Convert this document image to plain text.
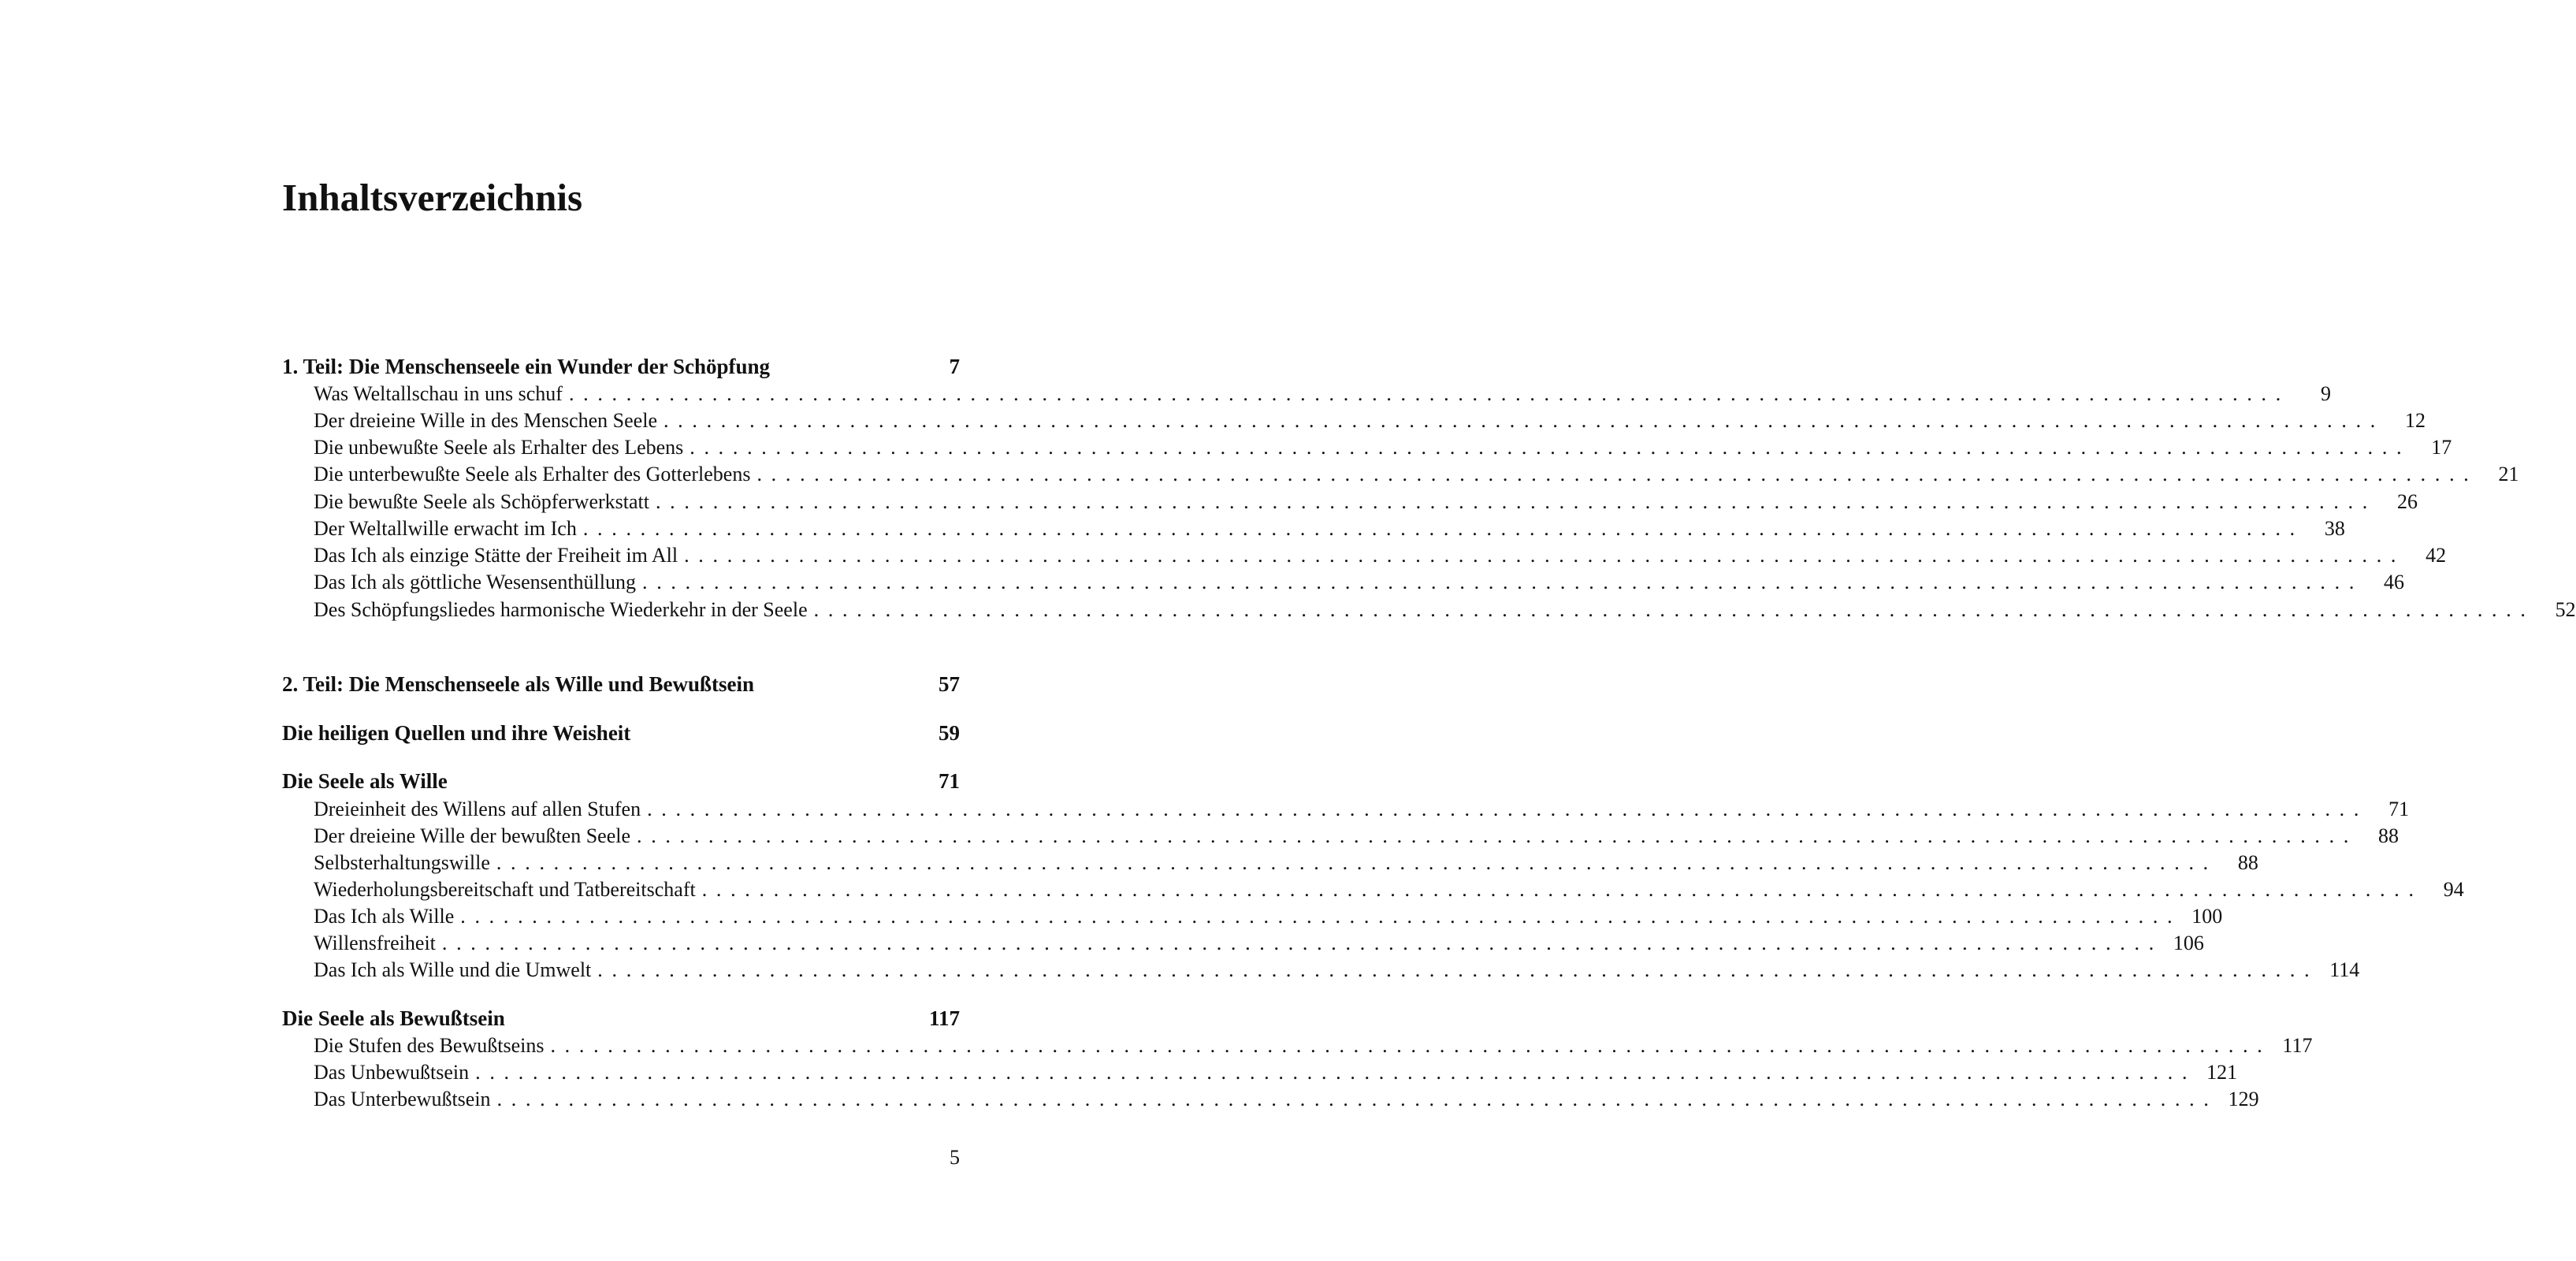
Inhaltsverzeichnis
1. Teil: Die Menschenseele ein Wunder der Schöpfung	7
Was Weltallschau in uns schuf ........................................................................................................................	9
Der dreieine Wille in des Menschen Seele ........................................................................................................................	12
Die unbewußte Seele als Erhalter des Lebens ........................................................................................................................	17
Die unterbewußte Seele als Erhalter des Gotterlebens ........................................................................................................................	21
Die bewußte Seele als Schöpferwerkstatt ........................................................................................................................	26
Der Weltallwille erwacht im Ich ........................................................................................................................	38
Das Ich als einzige Stätte der Freiheit im All ........................................................................................................................	42
Das Ich als göttliche Wesensenthüllung ........................................................................................................................	46
Des Schöpfungsliedes harmonische Wiederkehr in der Seele ........................................................................................................................	52
2. Teil: Die Menschenseele als Wille und Bewußtsein	57
Die heiligen Quellen und ihre Weisheit	59
Die Seele als Wille	71
Dreieinheit des Willens auf allen Stufen ........................................................................................................................	71
Der dreieine Wille der bewußten Seele ........................................................................................................................	88
Selbsterhaltungswille ........................................................................................................................	88
Wiederholungsbereitschaft und Tatbereitschaft ........................................................................................................................	94
Das Ich als Wille ........................................................................................................................ 100
Willensfreiheit ........................................................................................................................ 106
Das Ich als Wille und die Umwelt ........................................................................................................................ 114
Die Seele als Bewußtsein	117
Die Stufen des Bewußtseins ........................................................................................................................ 117
Das Unbewußtsein ........................................................................................................................ 121
Das Unterbewußtsein ........................................................................................................................ 129
5
